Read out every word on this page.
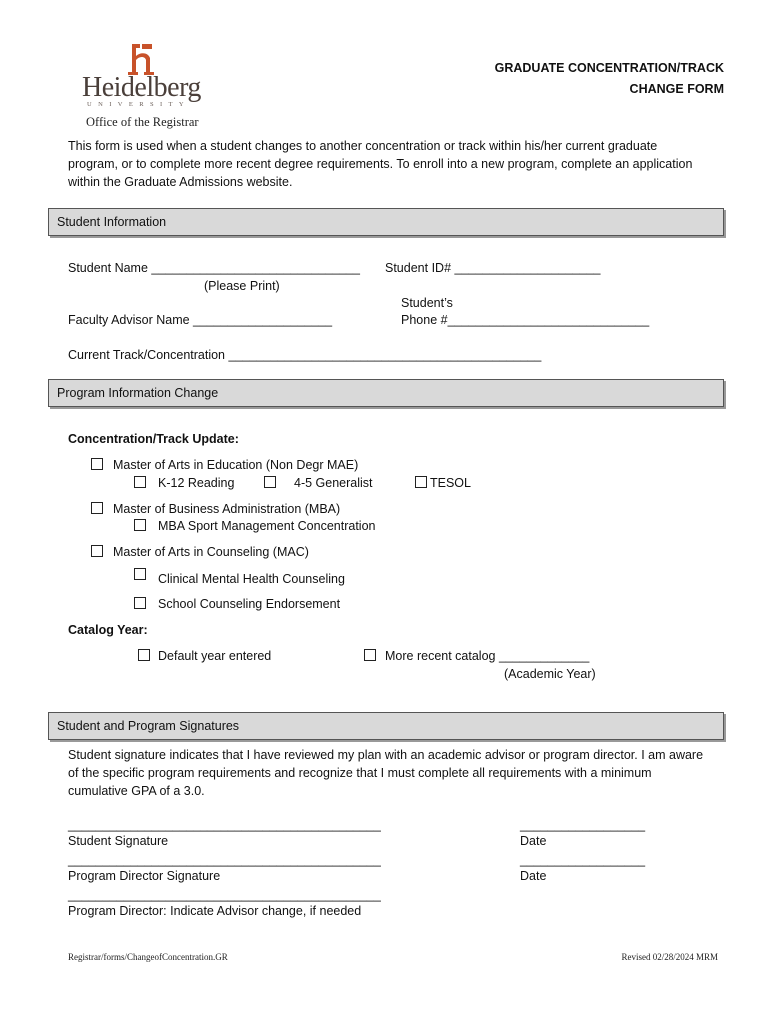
Heidelberg
UNIVERSITY
Office of the Registrar
GRADUATE CONCENTRATION/TRACK
CHANGE FORM
This form is used when a student changes to another concentration or track within his/her current graduate
program, or to complete more recent degree requirements. To enroll into a new program, complete an application
within the Graduate Admissions website.
Student Information
Student Name ______________________________
(Please Print)
Student ID# _____________________
Student’s
Phone #_____________________________
Faculty Advisor Name ____________________
Current Track/Concentration _____________________________________________
Program Information Change
Concentration/Track Update:
Master of Arts in Education (Non Degr MAE)
K-12 Reading	4-5 Generalist	TESOL
Master of Business Administration (MBA)
MBA Sport Management Concentration
Master of Arts in Counseling (MAC)
Clinical Mental Health Counseling
School Counseling Endorsement
Catalog Year:
Default year entered	More recent catalog _____________
(Academic Year)
Student and Program Signatures
Student signature indicates that I have reviewed my plan with an academic advisor or program director. I am aware
of the specific program requirements and recognize that I must complete all requirements with a minimum
cumulative GPA of a 3.0.
_____________________________________________
Student Signature
__________________
Date
_____________________________________________
Program Director Signature
__________________
Date
_____________________________________________
Program Director: Indicate Advisor change, if needed
Registrar/forms/ChangeofConcentration.GR	Revised 02/28/2024 MRM
